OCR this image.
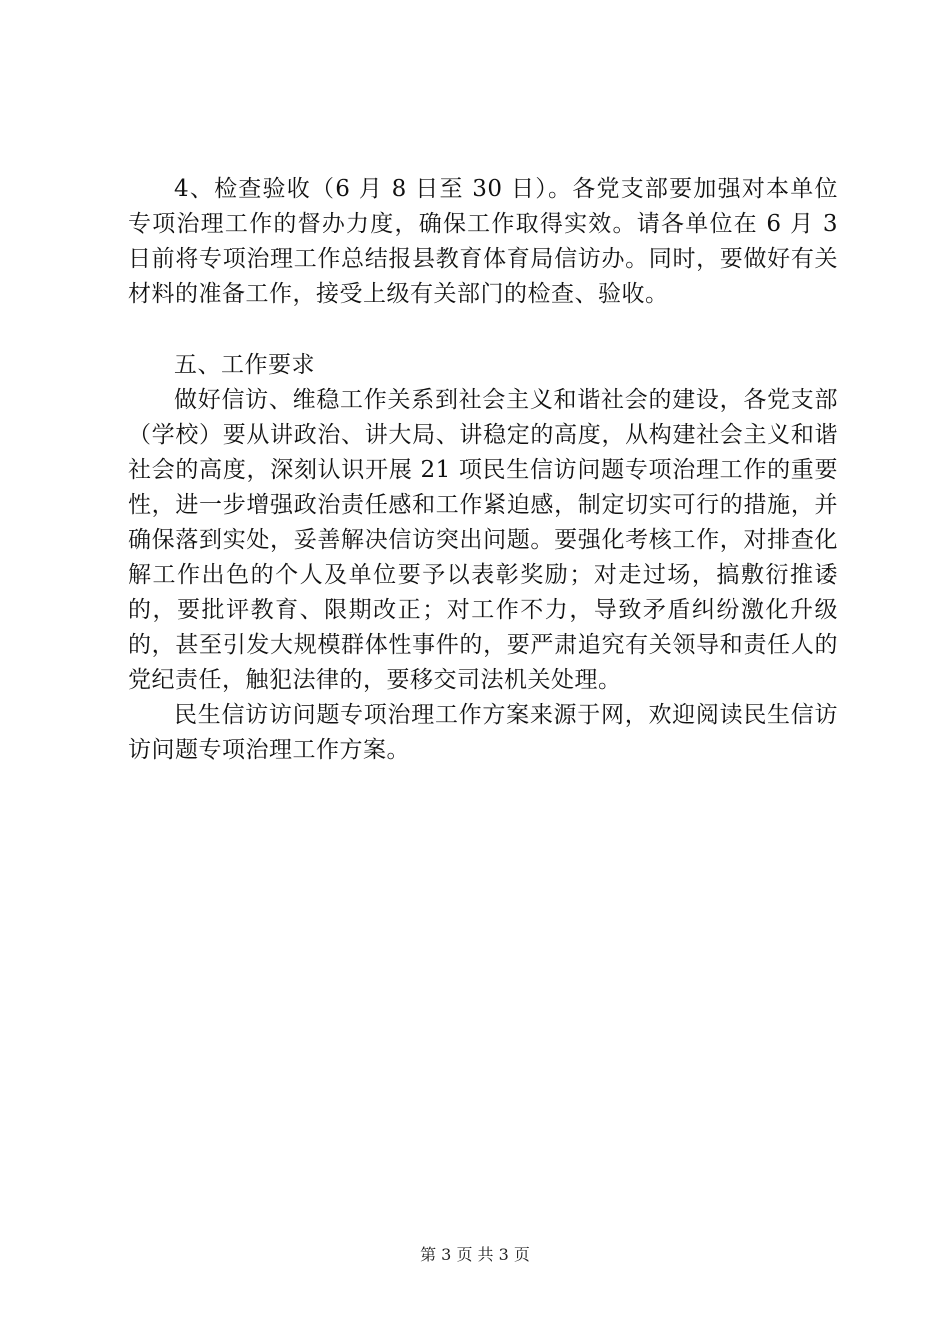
4、检查验收（6 月 8 日至 30 日）。各党支部要加强对本单位专项治理工作的督办力度，确保工作取得实效。请各单位在 6 月 3 日前将专项治理工作总结报县教育体育局信访办。同时，要做好有关材料的准备工作，接受上级有关部门的检查、验收。

五、工作要求

做好信访、维稳工作关系到社会主义和谐社会的建设，各党支部（学校）要从讲政治、讲大局、讲稳定的高度，从构建社会主义和谐社会的高度，深刻认识开展 21 项民生信访问题专项治理工作的重要性，进一步增强政治责任感和工作紧迫感，制定切实可行的措施，并确保落到实处，妥善解决信访突出问题。要强化考核工作，对排查化解工作出色的个人及单位要予以表彰奖励；对走过场，搞敷衍推诿的，要批评教育、限期改正；对工作不力，导致矛盾纠纷激化升级的，甚至引发大规模群体性事件的，要严肃追究有关领导和责任人的党纪责任，触犯法律的，要移交司法机关处理。

民生信访访问题专项治理工作方案来源于网，欢迎阅读民生信访访问题专项治理工作方案。

第 3 页 共 3 页
